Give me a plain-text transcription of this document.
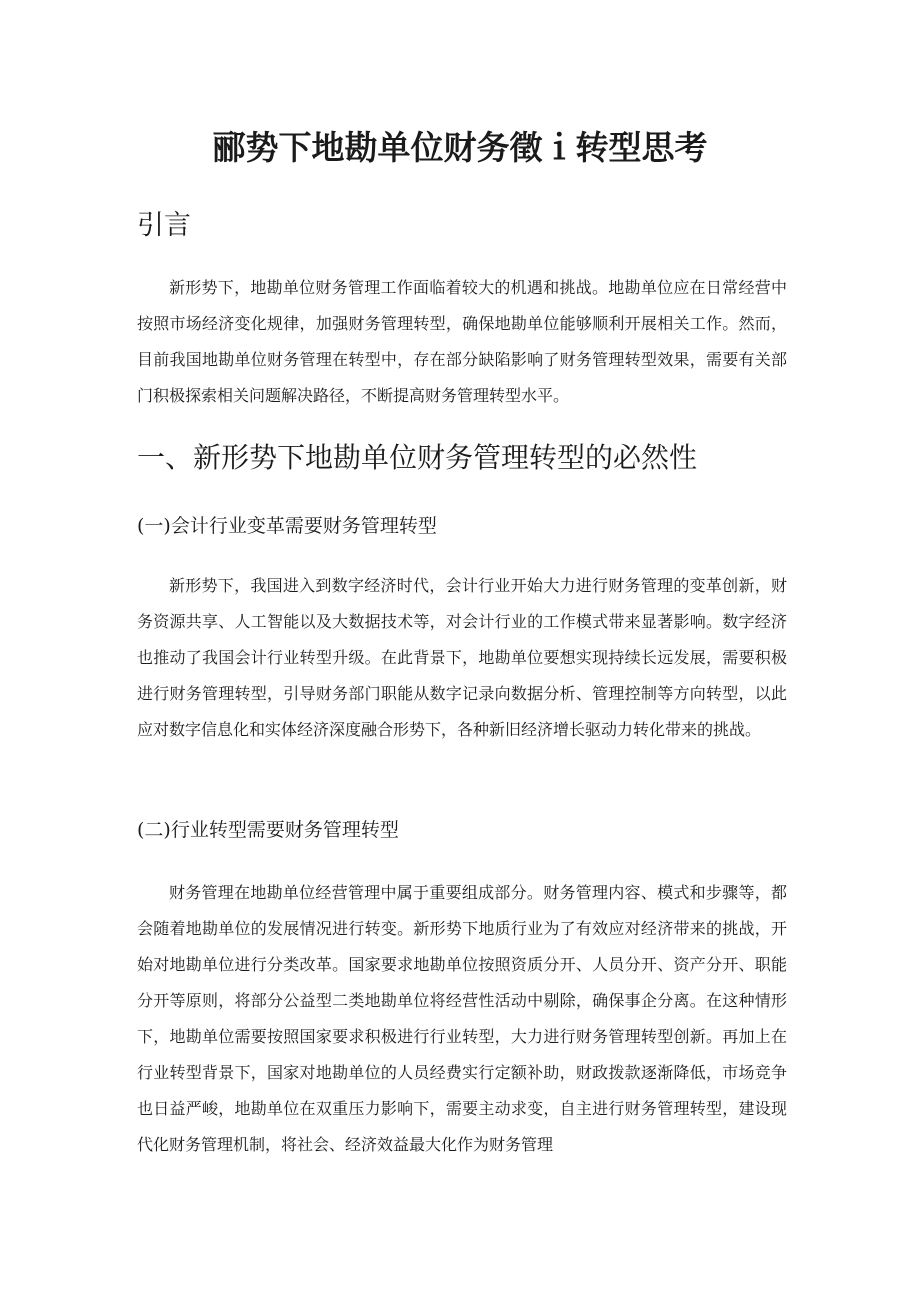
郦势下地勘单位财务徵ｉ转型思考
引言

新形势下，地勘单位财务管理工作面临着较大的机遇和挑战。地勘单位应在日常经营中按照市场经济变化规律，加强财务管理转型，确保地勘单位能够顺利开展相关工作。然而，目前我国地勘单位财务管理在转型中，存在部分缺陷影响了财务管理转型效果，需要有关部门积极探索相关问题解决路径，不断提高财务管理转型水平。

一、新形势下地勘单位财务管理转型的必然性
(一)会计行业变革需要财务管理转型

新形势下，我国进入到数字经济时代，会计行业开始大力进行财务管理的变革创新，财务资源共享、人工智能以及大数据技术等，对会计行业的工作模式带来显著影响。数字经济也推动了我国会计行业转型升级。在此背景下，地勘单位要想实现持续长远发展，需要积极进行财务管理转型，引导财务部门职能从数字记录向数据分析、管理控制等方向转型，以此应对数字信息化和实体经济深度融合形势下，各种新旧经济增长驱动力转化带来的挑战。

(二)行业转型需要财务管理转型

财务管理在地勘单位经营管理中属于重要组成部分。财务管理内容、模式和步骤等，都会随着地勘单位的发展情况进行转变。新形势下地质行业为了有效应对经济带来的挑战，开始对地勘单位进行分类改革。国家要求地勘单位按照资质分开、人员分开、资产分开、职能分开等原则，将部分公益型二类地勘单位将经营性活动中剔除，确保事企分离。在这种情形下，地勘单位需要按照国家要求积极进行行业转型，大力进行财务管理转型创新。再加上在行业转型背景下，国家对地勘单位的人员经费实行定额补助，财政拨款逐渐降低，市场竞争也日益严峻，地勘单位在双重压力影响下，需要主动求变，自主进行财务管理转型，建设现代化财务管理机制，将社会、经济效益最大化作为财务管理
